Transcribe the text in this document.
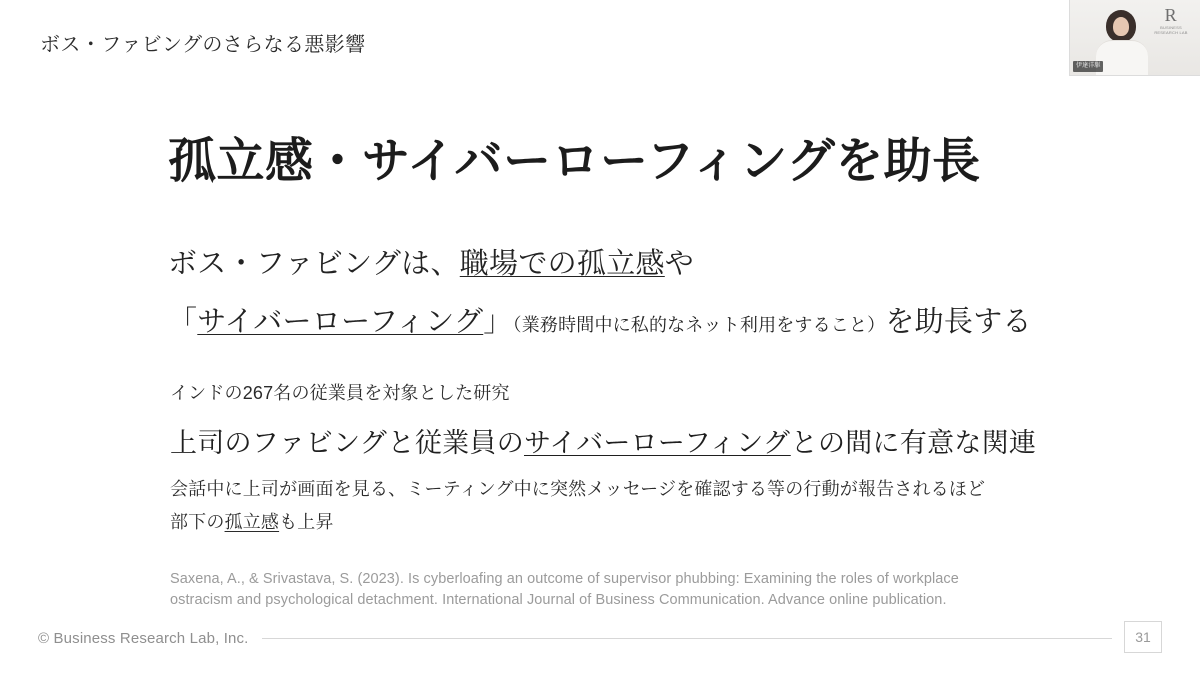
ボス・ファビングのさらなる悪影響
R
BUSINESS RESEARCH LAB
伊達洋駆
孤立感・サイバーローフィングを助長
ボス・ファビングは、職場での孤立感や
「サイバーローフィング」（業務時間中に私的なネット利用をすること）を助長する
インドの267名の従業員を対象とした研究
上司のファビングと従業員のサイバーローフィングとの間に有意な関連
会話中に上司が画面を見る、ミーティング中に突然メッセージを確認する等の行動が報告されるほど
部下の孤立感も上昇
Saxena, A., & Srivastava, S. (2023). Is cyberloafing an outcome of supervisor phubbing: Examining the roles of workplace ostracism and psychological detachment. International Journal of Business Communication. Advance online publication.
© Business Research Lab, Inc.	31
